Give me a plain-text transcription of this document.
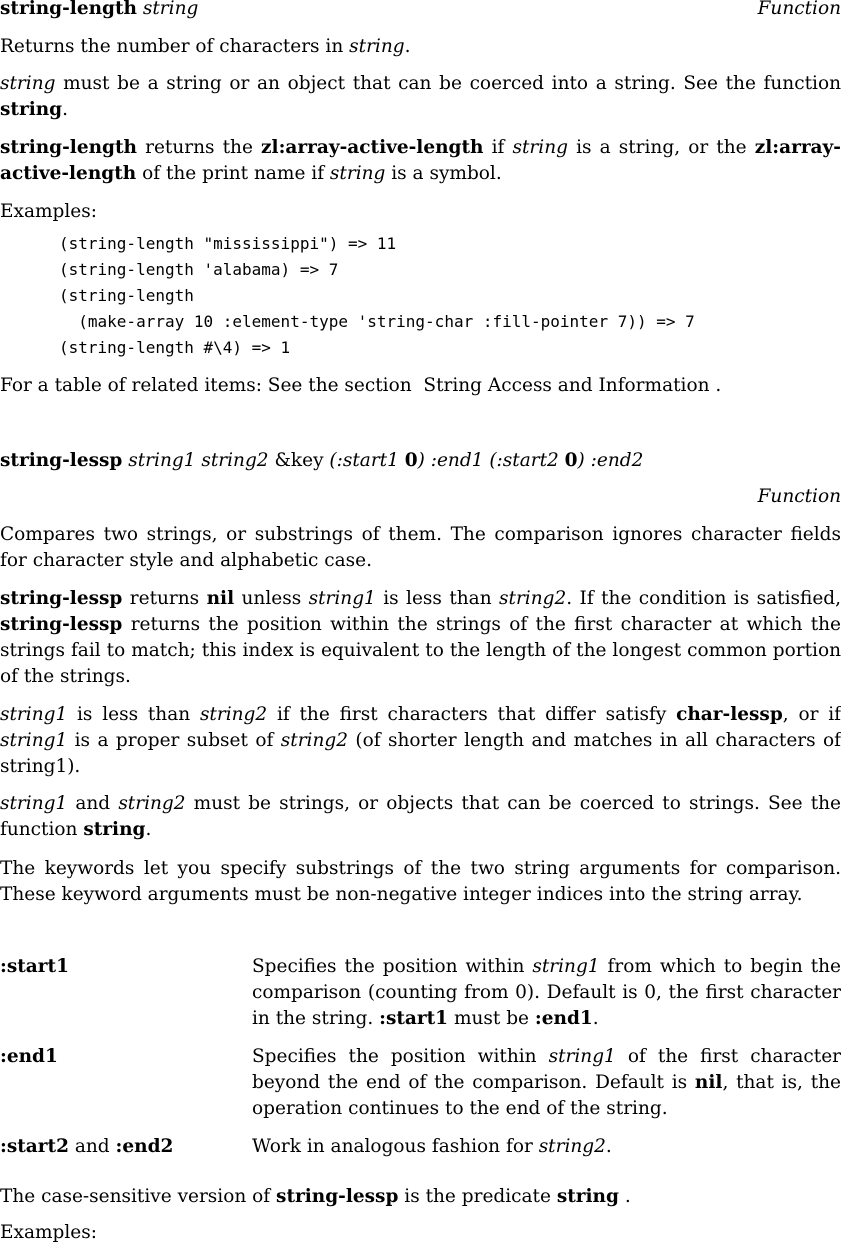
string-length string	Function

Returns the number of characters in string.

string must be a string or an object that can be coerced into a string. See the function string.

string-length returns the zl:array-active-length if string is a string, or the zl:array-active-length of the print name if string is a symbol.

Examples:

(string-length "mississippi") => 11
(string-length 'alabama) => 7
(string-length
(make-array 10 :element-type 'string-char :fill-pointer 7)) => 7
(string-length #\4) => 1

For a table of related items: See the section  String Access and Information .

string-lessp string1 string2 &key (:start1 0) :end1 (:start2 0) :end2
Function

Compares two strings, or substrings of them. The comparison ignores character fields for character style and alphabetic case.

string-lessp returns nil unless string1 is less than string2. If the condition is satisfied, string-lessp returns the position within the strings of the first character at which the strings fail to match; this index is equivalent to the length of the longest common portion of the strings.

string1 is less than string2 if the first characters that differ satisfy char-lessp, or if string1 is a proper subset of string2 (of shorter length and matches in all characters of string1).

string1 and string2 must be strings, or objects that can be coerced to strings. See the function string.

The keywords let you specify substrings of the two string arguments for comparison. These keyword arguments must be non-negative integer indices into the string array.

:start1	Specifies the position within string1 from which to begin the comparison (counting from 0). Default is 0, the first character in the string. :start1 must be :end1.
:end1	Specifies the position within string1 of the first character beyond the end of the comparison. Default is nil, that is, the operation continues to the end of the string.
:start2 and :end2	Work in analogous fashion for string2.

The case-sensitive version of string-lessp is the predicate string .

Examples:
